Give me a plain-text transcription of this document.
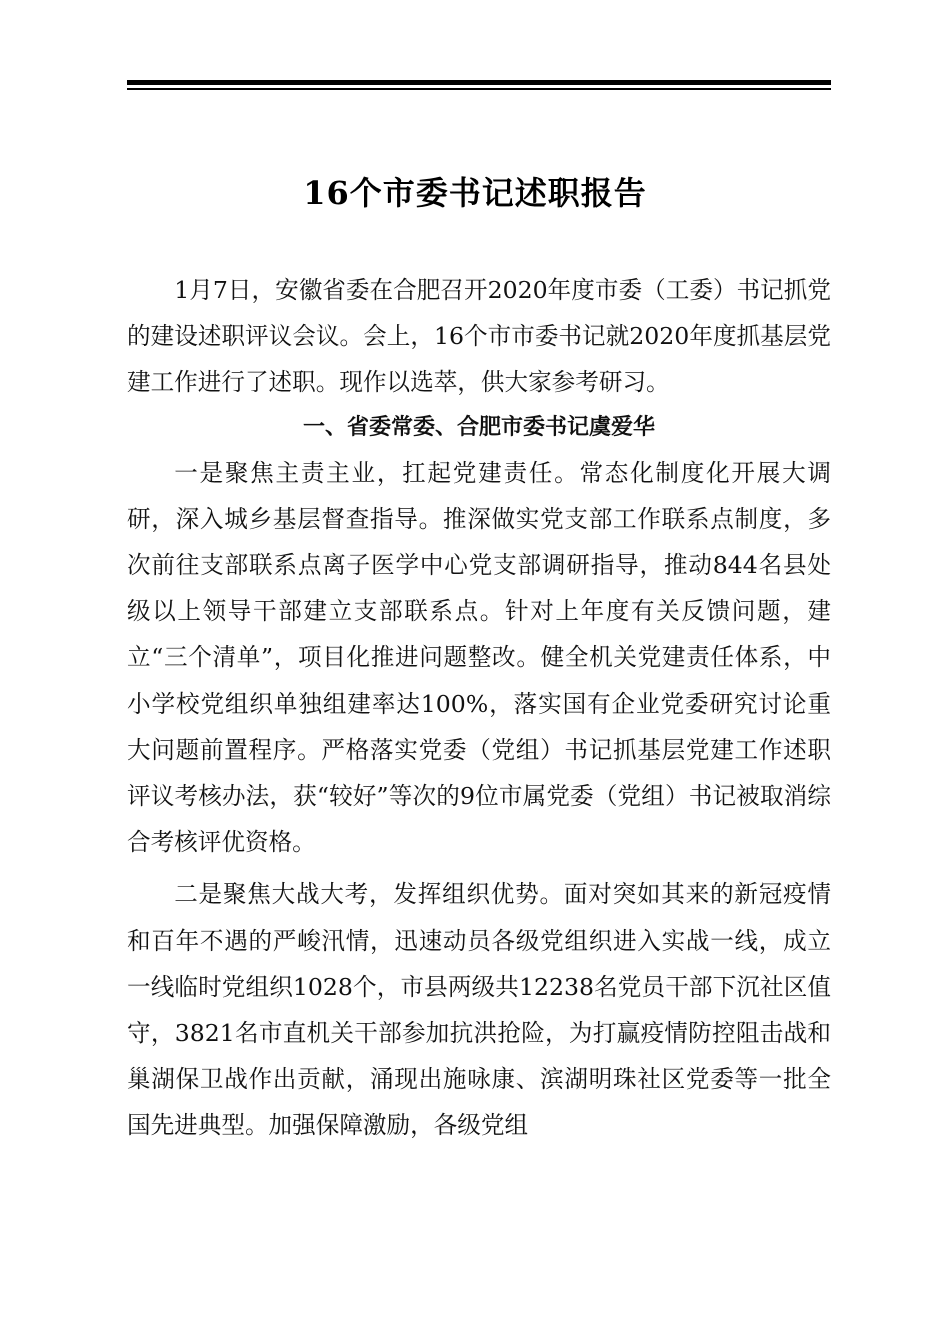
16个市委书记述职报告

1月7日，安徽省委在合肥召开2020年度市委（工委）书记抓党的建设述职评议会议。会上，16个市市委书记就2020年度抓基层党建工作进行了述职。现作以选萃，供大家参考研习。

一、省委常委、合肥市委书记虞爱华

一是聚焦主责主业，扛起党建责任。常态化制度化开展大调研，深入城乡基层督查指导。推深做实党支部工作联系点制度，多次前往支部联系点离子医学中心党支部调研指导，推动844名县处级以上领导干部建立支部联系点。针对上年度有关反馈问题，建立“三个清单”，项目化推进问题整改。健全机关党建责任体系，中小学校党组织单独组建率达100%，落实国有企业党委研究讨论重大问题前置程序。严格落实党委（党组）书记抓基层党建工作述职评议考核办法，获“较好”等次的9位市属党委（党组）书记被取消综合考核评优资格。

二是聚焦大战大考，发挥组织优势。面对突如其来的新冠疫情和百年不遇的严峻汛情，迅速动员各级党组织进入实战一线，成立一线临时党组织1028个，市县两级共12238名党员干部下沉社区值守，3821名市直机关干部参加抗洪抢险，为打赢疫情防控阻击战和巢湖保卫战作出贡献，涌现出施咏康、滨湖明珠社区党委等一批全国先进典型。加强保障激励，各级党组
